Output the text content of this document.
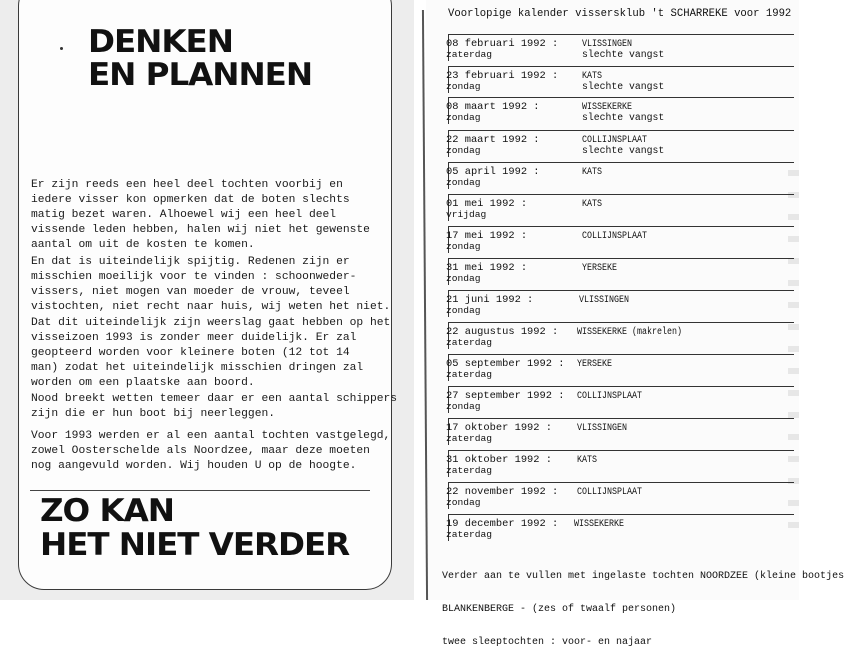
DENKEN
EN PLANNEN

Er zijn reeds een heel deel tochten voorbij en
iedere visser kon opmerken dat de boten slechts
matig bezet waren. Alhoewel wij een heel deel
vissende leden hebben, halen wij niet het gewenste
aantal om uit de kosten te komen.

En dat is uiteindelijk spijtig. Redenen zijn er
misschien moeilijk voor te vinden : schoonweder-
vissers, niet mogen van moeder de vrouw, teveel
vistochten, niet recht naar huis, wij weten het niet.

Dat dit uiteindelijk zijn weerslag gaat hebben op het
visseizoen 1993 is zonder meer duidelijk. Er zal
geopteerd worden voor kleinere boten (12 tot 14
man) zodat het uiteindelijk misschien dringen zal
worden om een plaatske aan boord.

Nood breekt wetten temeer daar er een aantal schippers
zijn die er hun boot bij neerleggen.

Voor 1993 werden er al een aantal tochten vastgelegd,
zowel Oosterschelde als Noordzee, maar deze moeten
nog aangevuld worden. Wij houden U op de hoogte.

ZO KAN
HET NIET VERDER
Voorlopige kalender vissersklub 't SCHARREKE voor 1992
08 februari 1992 :
zaterdag
VLISSINGEN
slechte vangst
23 februari 1992 :
zondag
KATS
slechte vangst
08 maart 1992 :
zondag
WISSEKERKE
slechte vangst
22 maart 1992 :
zondag
COLLIJNSPLAAT
slechte vangst
05 april 1992 :
zondag
KATS
01 mei 1992 :
vrijdag
KATS
17 mei 1992 :
zondag
COLLIJNSPLAAT
31 mei 1992 :
zondag
YERSEKE
21 juni 1992 :
zondag
VLISSINGEN
22 augustus 1992 :
zaterdag
WISSEKERKE (makrelen)
05 september 1992 :
zaterdag
YERSEKE
27 september 1992 :
zondag
COLLIJNSPLAAT
17 oktober 1992 :
zaterdag
VLISSINGEN
31 oktober 1992 :
zaterdag
KATS
22 november 1992 :
zondag
COLLIJNSPLAAT
19 december 1992 :
zaterdag
WISSEKERKE

Verder aan te vullen met ingelaste tochten NOORDZEE (kleine bootjes

BLANKENBERGE - (zes of twaalf personen)

twee sleeptochten : voor- en najaar
